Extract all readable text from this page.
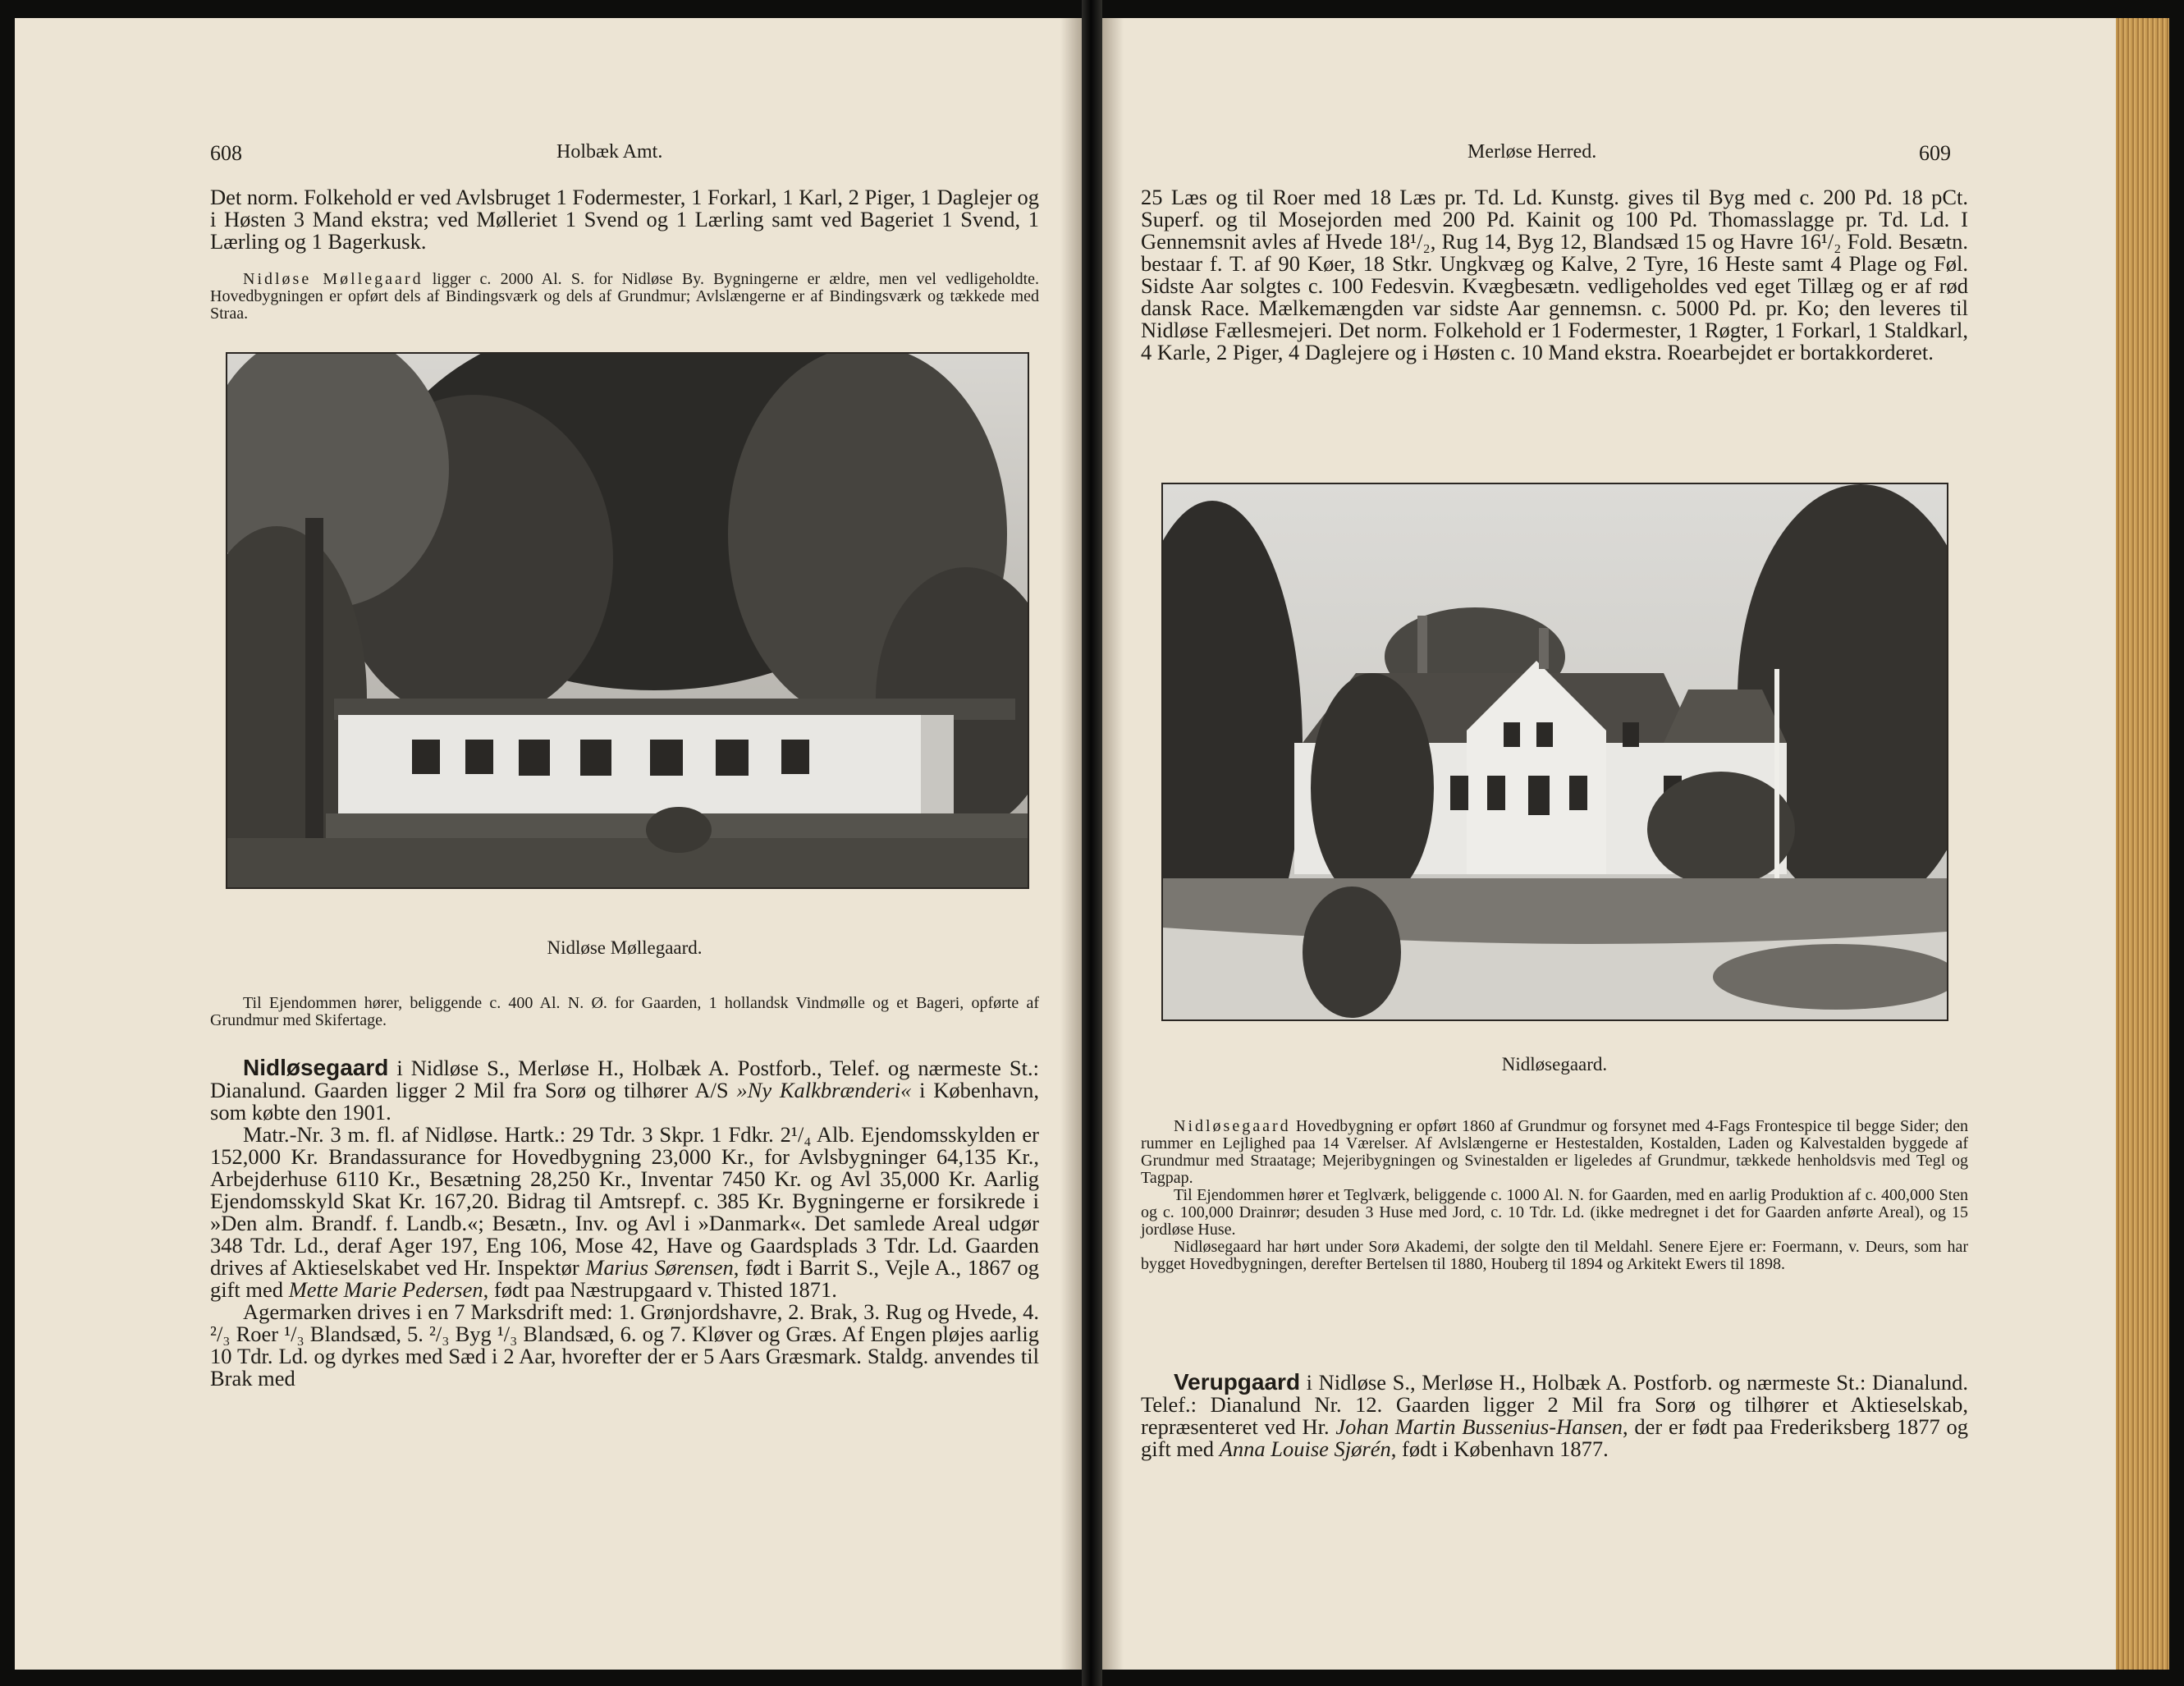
608	Holbæk Amt.

Det norm. Folkehold er ved Avlsbruget 1 Fodermester, 1 Forkarl, 1 Karl, 2 Piger, 1 Daglejer og i Høsten 3 Mand ekstra; ved Mølleriet 1 Svend og 1 Lærling samt ved Bageriet 1 Svend, 1 Lærling og 1 Bagerkusk.

Nidløse Møllegaard ligger c. 2000 Al. S. for Nidløse By. Bygningerne er ældre, men vel vedligeholdte. Hovedbygningen er opført dels af Bindingsværk og dels af Grundmur; Avlslængerne er af Bindingsværk og tækkede med Straa.

Nidløse Møllegaard.

Til Ejendommen hører, beliggende c. 400 Al. N. Ø. for Gaarden, 1 hollandsk Vindmølle og et Bageri, opførte af Grundmur med Skifertage.

Nidløsegaard i Nidløse S., Merløse H., Holbæk A. Postforb., Telef. og nærmeste St.: Dianalund. Gaarden ligger 2 Mil fra Sorø og tilhører A/S »Ny Kalkbrænderi« i København, som købte den 1901.

Matr.-Nr. 3 m. fl. af Nidløse. Hartk.: 29 Tdr. 3 Skpr. 1 Fdkr. 2¹/₄ Alb. Ejendomsskylden er 152,000 Kr. Brandassurance for Hovedbygning 23,000 Kr., for Avlsbygninger 64,135 Kr., Arbejderhuse 6110 Kr., Besætning 28,250 Kr., Inventar 7450 Kr. og Avl 35,000 Kr. Aarlig Ejendomsskyld Skat Kr. 167,20. Bidrag til Amtsrepf. c. 385 Kr. Bygningerne er forsikrede i »Den alm. Brandf. f. Landb.«; Besætn., Inv. og Avl i »Danmark«. Det samlede Areal udgør 348 Tdr. Ld., deraf Ager 197, Eng 106, Mose 42, Have og Gaardsplads 3 Tdr. Ld. Gaarden drives af Aktieselskabet ved Hr. Inspektør Marius Sørensen, født i Barrit S., Vejle A., 1867 og gift med Mette Marie Pedersen, født paa Næstrupgaard v. Thisted 1871.

Agermarken drives i en 7 Marksdrift med: 1. Grønjordshavre, 2. Brak, 3. Rug og Hvede, 4. ²/₃ Roer ¹/₃ Blandsæd, 5. ²/₃ Byg ¹/₃ Blandsæd, 6. og 7. Kløver og Græs. Af Engen pløjes aarlig 10 Tdr. Ld. og dyrkes med Sæd i 2 Aar, hvorefter der er 5 Aars Græsmark. Staldg. anvendes til Brak med

Merløse Herred.	609

25 Læs og til Roer med 18 Læs pr. Td. Ld. Kunstg. gives til Byg med c. 200 Pd. 18 pCt. Superf. og til Mosejorden med 200 Pd. Kainit og 100 Pd. Thomasslagge pr. Td. Ld. I Gennemsnit avles af Hvede 18¹/₂, Rug 14, Byg 12, Blandsæd 15 og Havre 16¹/₂ Fold. Besætn. bestaar f. T. af 90 Køer, 18 Stkr. Ungkvæg og Kalve, 2 Tyre, 16 Heste samt 4 Plage og Føl. Sidste Aar solgtes c. 100 Fedesvin. Kvægbesætn. vedligeholdes ved eget Tillæg og er af rød dansk Race. Mælkemængden var sidste Aar gennemsn. c. 5000 Pd. pr. Ko; den leveres til Nidløse Fællesmejeri. Det norm. Folkehold er 1 Fodermester, 1 Røgter, 1 Forkarl, 1 Staldkarl, 4 Karle, 2 Piger, 4 Daglejere og i Høsten c. 10 Mand ekstra. Roearbejdet er bortakkorderet.

Nidløsegaard.

Nidløsegaard Hovedbygning er opført 1860 af Grundmur og forsynet med 4-Fags Frontespice til begge Sider; den rummer en Lejlighed paa 14 Værelser. Af Avlslængerne er Hestestalden, Kostalden, Laden og Kalvestalden byggede af Grundmur med Straatage; Mejeribygningen og Svinestalden er ligeledes af Grundmur, tækkede henholdsvis med Tegl og Tagpap.

Til Ejendommen hører et Teglværk, beliggende c. 1000 Al. N. for Gaarden, med en aarlig Produktion af c. 400,000 Sten og c. 100,000 Drainrør; desuden 3 Huse med Jord, c. 10 Tdr. Ld. (ikke medregnet i det for Gaarden anførte Areal), og 15 jordløse Huse.

Nidløsegaard har hørt under Sorø Akademi, der solgte den til Meldahl. Senere Ejere er: Foermann, v. Deurs, som har bygget Hovedbygningen, derefter Bertelsen til 1880, Houberg til 1894 og Arkitekt Ewers til 1898.

Verupgaard i Nidløse S., Merløse H., Holbæk A. Postforb. og nærmeste St.: Dianalund. Telef.: Dianalund Nr. 12. Gaarden ligger 2 Mil fra Sorø og tilhører et Aktieselskab, repræsenteret ved Hr. Johan Martin Bussenius-Hansen, der er født paa Frederiksberg 1877 og gift med Anna Louise Sjørén, født i København 1877.
